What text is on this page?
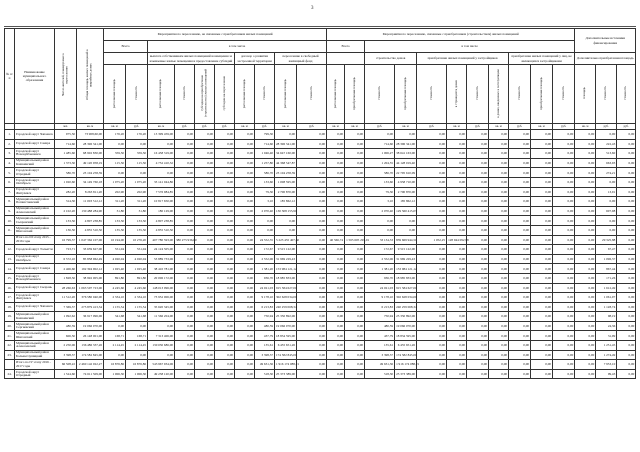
3
№ п/п	Наименование муниципального образования	Число жителей, планируемых к переселению	Общая площадь жилых помещений в аварийных домах	Мероприятия по переселению, не связанные с приобретением жилых помещений										Мероприятия по переселению, связанные с приобретением (строительством) жилых помещений											Дополнительные источники финансирования			
				Всего		в том числе								Всего		в том числе												
						выплата собственникам жилых помещений возмещения за изымаемые жилые помещения и предоставление субсидий				договор о развитии застроенной территории		переселение в свободный жилищный фонд				строительство домов		приобретение жилых помещений у застройщиков				приобретение жилых помещений у лиц, не являющихся застройщиками			Дополнительно приобретенная площадь			
				расселяемая площадь	стоимость	расселяемая площадь	стоимость	субсидия на приобретение (строительство) жилых помещений	субсидии на переселение	расселяемая площадь	стоимость	расселяемая площадь	стоимость	расселяемая площадь	приобретаемая площадь	стоимость	приобретаемая площадь	стоимость	в строящихся домах	стоимость	в домах, введенных в эксплуатацию	стоимость	приобретаемая площадь	стоимость	площадь	стоимость	стоимость	
		чел.	кв. м	кв. м	руб.	кв. м	руб.	руб.	руб.	кв. м	руб.	кв. м	руб.	кв. м	кв. м	руб.	кв. м	руб.	кв. м	руб.	кв. м	руб.	кв. м	руб.	кв. м	руб.	руб.	
1.	Городской округ Чапаевск	975,50	73 908,60,00	176,20	176,20	13 399 459,00	0,00	0,00	0,00	0,00	799,30	0,00	0,00	0,00	0,00	0,00	0,00	0,00	0,00	0,00	0,00	0,00	0,00	0,00	0,00	0,00	0,00	
2.	Городской округ Самара	714,60	28 396 341,00	0,00	0,00	0,00	0,00	0,00	0,00	0,00	714,60	28 396 341,00	0,00	0,00	0,00	714,60	28 396 341,00	0,00	0,00	0,00	0,00	0,00	0,00	0,00	0,00	222,43	0,00	
3.	Городской округ Новокуйбышевск	1 485,60	68 902 830,00	359,50	359,50	16 458 319,00	0,00	0,00	0,00	0,00	1 046,40	34 647 160,00	0,00	0,00	0,00	1 006,27	38 641 163,00	0,00	0,00	0,00	0,00	0,00	0,00	0,00	0,00	513,60	0,00	
4.	Муниципальный район Кошкинский	1 373,30	49 120 958,19	115,50	115,50	4 752 410,32	0,00	0,00	0,00	0,00	1 257,80	44 368 547,87	0,00	0,00	0,00	1 204,55	44 128 019,40	0,00	0,00	0,00	0,00	0,00	0,00	0,00	0,00	663,93	0,00	
5.	Городской округ Отрадный	586,70	23 104 258,39	0,00	0,00	0,00	0,00	0,00	0,00	0,00	586,70	23 104 258,39	0,00	0,00	0,00	586,70	22 795 610,09	0,00	0,00	0,00	0,00	0,00	0,00	0,00	0,00	274,21	0,00	
6.	Городской округ Октябрьск	1 020,60	34 149 760,18	1 075,20	1 075,20	33 141 044,86	0,00	0,00	0,00	0,00	133,60	1 008 595,00	0,00	0,00	0,00	133,60	4 958 710,00	0,00	0,00	0,00	0,00	0,00	0,00	0,00	0,00	0,00	0,00	
7.	Городской округ Жигулевск	282,20	8 263 811,20	202,90	202,90	7 576 984,85	0,00	0,00	0,00	0,00	79,30	2 700 870,00	0,00	0,00	0,00	79,30	2 700 870,00	0,00	0,00	0,00	0,00	0,00	0,00	0,00	0,00	13,91	0,00	
8.	Муниципальный район Похвистневский	314,30	11 003 512,12	311,20	311,20	10 817 650,00	0,00	0,00	0,00	0,00	3,10	185 862,12	0,00	0,00	0,00	3,10	185 862,12	0,00	0,00	0,00	0,00	0,00	0,00	0,00	0,00	0,00	0,00	
9.	Муниципальный район Алексеевский	2 102,20	130 488 284,90	31,80	31,80	180 129,00	0,00	0,00	0,00	0,00	2 070,40	130 308 155,90	0,00	0,00	0,00	2 070,40	129 560 415,03	0,00	0,00	0,00	0,00	0,00	0,00	0,00	0,00	607,98	0,00	
10.	Муниципальный район Сызранский	133,50	4 807 238,85	133,50	133,50	4 807 238,85	0,00	0,00	0,00	0,00	0,00	0,00	0,00	0,00	0,00	0,00	0,00	0,00	0,00	0,00	0,00	0,00	0,00	0,00	0,00	0,00	0,00	
11.	Муниципальный район Шигонский	136,50	4 855 510,50	135,50	135,50	4 855 510,50	0,00	0,00	0,00	0,00	0,00	0,00	0,00	0,00	0,00	0,00	0,00	0,00	0,00	0,00	0,00	0,00	0,00	0,00	0,00	0,00	0,00	
	Итого по III этапу 2015 - 2016 годы	16 799,37	1 047 362 107,06	10 194,00	10 276,20	407 780 593,00	380 275 936,00	0,00	0,00	0,00	24 552,35	5 223 455 407,60	0,00	40 566,74	1 565 605 293,01	33 134,33	839 669 944,51	1 052,25	128 944 092,98	0,00	0,00	0,00	0,00	0,00	0,00	29 325,88	0,00	
12.	Городской округ Тольятти	723,71	33 639 627,00	551,04	551,04	24 124 505,00	0,00	0,00	0,00	0,00	172,67	9 515 122,00	0,00	0,00	0,00	172,67	9 515 122,00	0,00	0,00	0,00	0,00	0,00	0,00	0,00	0,00	67,47	0,00	
13.	Городской округ Октябрьск	6 572,10	85 858 962,49	4 020,04	4 020,04	53 889 733,06	0,00	0,00	0,00	0,00	2 552,06	31 969 229,43	0,00	0,00	0,00	2 552,06	31 969 229,43	0,00	0,00	0,00	0,00	0,00	0,00	0,00	0,00	1 096,37	0,00	
14.	Городской округ Самара	2 406,60	192 394 902,12	1 025,40	1 025,40	38 410 781,00	0,00	0,00	0,00	0,00	1 381,20	153 984 121,12	0,00	0,00	0,00	1 381,20	153 984 121,12	0,00	0,00	0,00	0,00	0,00	0,00	0,00	0,00	867,44	0,00	
15.	Городской округ Новокуйбышевск	1 828,50	38 992 005,00	891,80	891,80	20 006 172,00	0,00	0,00	0,00	0,00	936,70	18 985 833,00	0,00	0,00	0,00	936,70	18 985 833,00	0,00	0,00	0,00	0,00	0,00	0,00	0,00	0,00	171,26	0,00	
16.	Городской округ Сызрань	28 266,63	1 063 597 723,00	4 245,60	4 245,60	148 013 096,00	0,00	0,00	0,00	0,00	24 021,03	915 584 627,00	0,00	0,00	0,00	24 021,03	915 584 627,00	0,00	0,00	0,00	0,00	0,00	0,00	0,00	0,00	1 612,49	0,00	
17.	Городской округ Жигулевск	11 512,20	376 580 040,00	2 334,10	2 334,10	73 952 006,00	0,00	0,00	0,00	0,00	9 178,10	302 628 034,00	0,00	0,00	0,00	9 178,10	302 628 034,00	0,00	0,00	0,00	0,00	0,00	0,00	0,00	0,00	1 061,07	0,00	
18.	Городской округ Чапаевск	7 369,37	275 879 413,34	1 155,54	1 155,54	35 620 345,00	0,00	0,00	0,00	0,00	6 213,83	240 259 068,34	0,00	0,00	0,00	6 213,83	240 259 068,34	0,00	0,00	0,00	0,00	0,00	0,00	0,00	0,00	1 128,74	0,00	
19.	Муниципальный район Кошкинский	1 092,62	36 917 096,06	341,68	341,68	11 566 204,00	0,00	0,00	0,00	0,00	750,94	25 350 892,06	0,00	0,00	0,00	750,94	25 350 892,06	0,00	0,00	0,00	0,00	0,00	0,00	0,00	0,00	98,19	0,00	
20.	Муниципальный район Сергиевский	480,59	19 066 070,00	0,00	0,00	0,00	0,00	0,00	0,00	0,00	480,59	19 066 070,00	0,00	0,00	0,00	480,59	19 066 070,00	0,00	0,00	0,00	0,00	0,00	0,00	0,00	0,00	24,36	0,00	
21.	Муниципальный район Шигонский	606,50	26 148 001,00	168,71	168,71	7 313 406,00	0,00	0,00	0,00	0,00	437,79	18 834 595,00	0,00	0,00	0,00	437,79	18 834 595,00	0,00	0,00	0,00	0,00	0,00	0,00	0,00	0,00	31,99	0,00	
22.	Муниципальный район Алексеевский	2 250,06	136 486 337,26	2 114,45	2 114,45	130 030 686,00	0,00	0,00	0,00	0,00	135,61	6 455 651,26	0,00	0,00	0,00	135,61	6 455 651,26	0,00	0,00	0,00	0,00	0,00	0,00	0,00	0,00	1 251,45	0,00	
23.	Муниципальный район Большеглушицкий	3 398,37	174 582 845,00	0,00	0,00	0,00	0,00	0,00	0,00	0,00	3 398,37	174 582 845,00	0,00	0,00	0,00	3 398,37	174 582 845,00	0,00	0,00	0,00	0,00	0,00	0,00	0,00	0,00	1 274,49	0,00	
	Итого по IV этапу 2016 - 2017 годы	66 508,22	2 460 142 022,27	16 876,86	16 876,86	543 967 934,06	0,00	0,00	0,00	0,00	49 631,36	1 916 174 088,21	0,00	0,00	0,00	49 631,36	1 916 174 088,21	0,00	0,00	0,00	0,00	0,00	0,00	0,00	0,00	7 953,10	0,00	
24.	Городской округ Отрадный	1 524,60	74 611 509,00	1 006,30	1 006,30	49 238 120,00	0,00	0,00	0,00	0,00	518,30	25 373 389,00	0,00	0,00	0,00	518,30	25 373 389,00	0,00	0,00	0,00	0,00	0,00	0,00	0,00	0,00	99,43	0,00	
